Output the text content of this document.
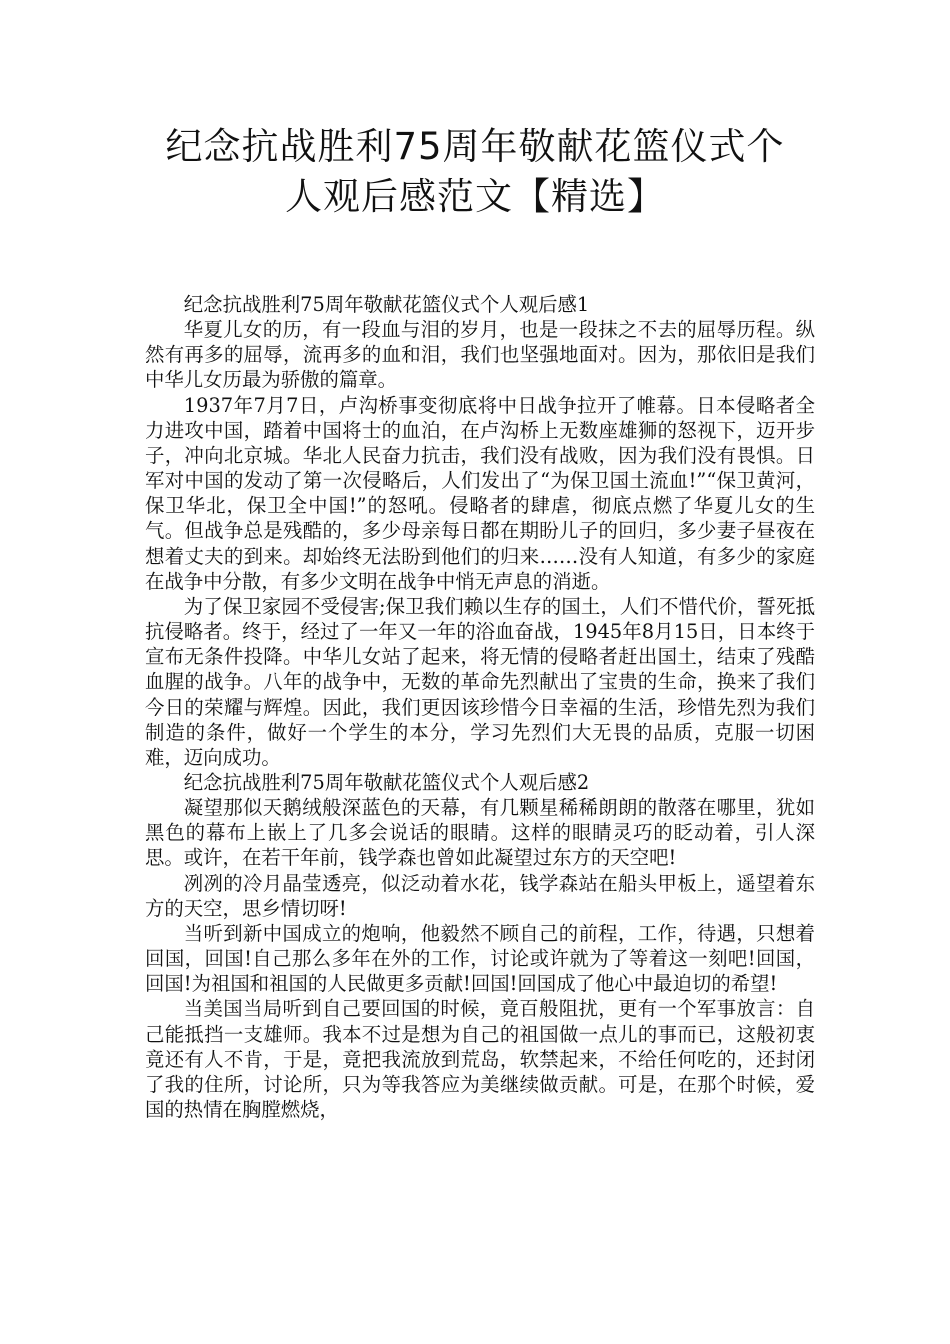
纪念抗战胜利75周年敬献花篮仪式个
人观后感范文【精选】

纪念抗战胜利75周年敬献花篮仪式个人观后感1

华夏儿女的历，有一段血与泪的岁月，也是一段抹之不去的屈辱历程。纵然有再多的屈辱，流再多的血和泪，我们也坚强地面对。因为，那依旧是我们中华儿女历最为骄傲的篇章。

1937年7月7日，卢沟桥事变彻底将中日战争拉开了帷幕。日本侵略者全力进攻中国，踏着中国将士的血泊，在卢沟桥上无数座雄狮的怒视下，迈开步子，冲向北京城。华北人民奋力抗击，我们没有战败，因为我们没有畏惧。日军对中国的发动了第一次侵略后，人们发出了“为保卫国土流血!”“保卫黄河，保卫华北，保卫全中国!”的怒吼。侵略者的肆虐，彻底点燃了华夏儿女的生气。但战争总是残酷的，多少母亲每日都在期盼儿子的回归，多少妻子昼夜在想着丈夫的到来。却始终无法盼到他们的归来……没有人知道，有多少的家庭在战争中分散，有多少文明在战争中悄无声息的消逝。

为了保卫家园不受侵害;保卫我们赖以生存的国土，人们不惜代价，誓死抵抗侵略者。终于，经过了一年又一年的浴血奋战，1945年8月15日，日本终于宣布无条件投降。中华儿女站了起来，将无情的侵略者赶出国土，结束了残酷血腥的战争。八年的战争中，无数的革命先烈献出了宝贵的生命，换来了我们今日的荣耀与辉煌。因此，我们更因该珍惜今日幸福的生活，珍惜先烈为我们制造的条件，做好一个学生的本分，学习先烈们大无畏的品质，克服一切困难，迈向成功。

纪念抗战胜利75周年敬献花篮仪式个人观后感2

凝望那似天鹅绒般深蓝色的天幕，有几颗星稀稀朗朗的散落在哪里，犹如黑色的幕布上嵌上了几多会说话的眼睛。这样的眼睛灵巧的眨动着，引人深思。或许，在若干年前，钱学森也曾如此凝望过东方的天空吧!

冽冽的冷月晶莹透亮，似泛动着水花，钱学森站在船头甲板上，遥望着东方的天空，思乡情切呀!

当听到新中国成立的炮响，他毅然不顾自己的前程，工作，待遇，只想着回国，回国!自己那么多年在外的工作，讨论或许就为了等着这一刻吧!回国，回国!为祖国和祖国的人民做更多贡献!回国!回国成了他心中最迫切的希望!

当美国当局听到自己要回国的时候，竟百般阻扰，更有一个军事放言：自己能抵挡一支雄师。我本不过是想为自己的祖国做一点儿的事而已，这般初衷竟还有人不肯，于是，竟把我流放到荒岛，软禁起来，不给任何吃的，还封闭了我的住所，讨论所，只为等我答应为美继续做贡献。可是，在那个时候，爱国的热情在胸膛燃烧，
